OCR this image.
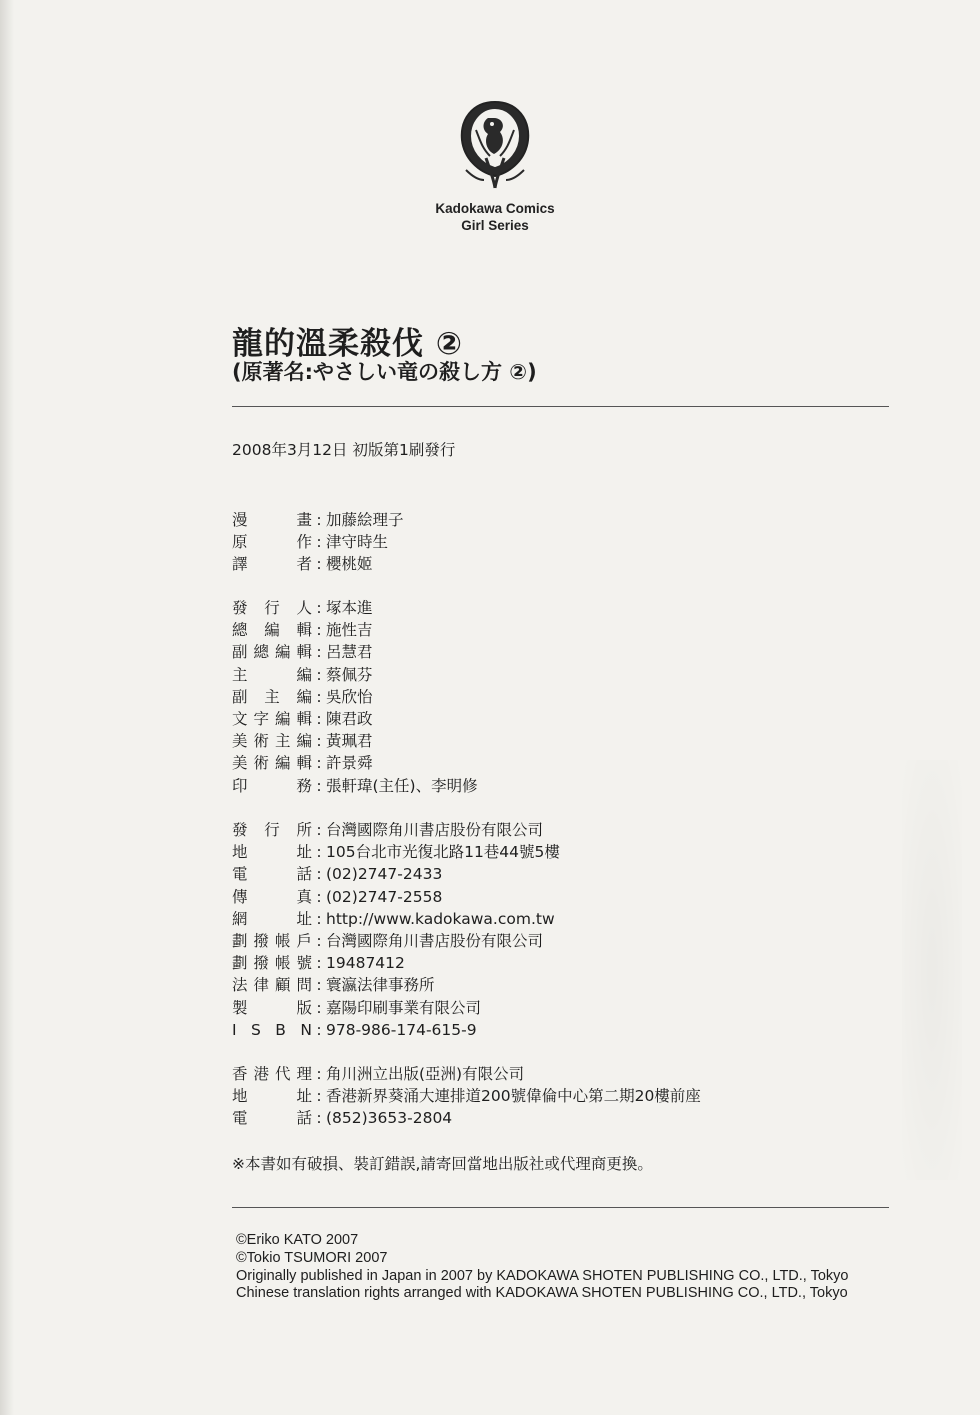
Kadokawa Comics
Girl Series
龍的溫柔殺伐 ②
(原著名:やさしい竜の殺し方 ②)
2008年3月12日 初版第1刷發行
漫	畫 : 加藤絵理子
原	作 : 津守時生
譯	者 : 櫻桃姬
發 行 人 : 塚本進
總 編 輯 : 施性吉
副 總 編 輯 : 呂慧君
主	編 : 蔡佩芬
副 主 編 : 吳欣怡
文 字 編 輯 : 陳君政
美 術 主 編 : 黃珮君
美 術 編 輯 : 許景舜
印	務 : 張軒瑋(主任)、李明修
發 行 所 : 台灣國際角川書店股份有限公司
地	址 : 105台北市光復北路11巷44號5樓
電	話 : (02)2747-2433
傳	真 : (02)2747-2558
網	址 : http://www.kadokawa.com.tw
劃 撥 帳 戶 : 台灣國際角川書店股份有限公司
劃 撥 帳 號 : 19487412
法 律 顧 問 : 寰瀛法律事務所
製	版 : 嘉陽印刷事業有限公司
I S B N : 978-986-174-615-9
香 港 代 理 : 角川洲立出版(亞洲)有限公司
地	址 : 香港新界葵涌大連排道200號偉倫中心第二期20樓前座
電	話 : (852)3653-2804
※本書如有破損、裝訂錯誤,請寄回當地出版社或代理商更換。
©Eriko KATO 2007
©Tokio TSUMORI 2007
Originally published in Japan in 2007 by KADOKAWA SHOTEN PUBLISHING CO., LTD., Tokyo
Chinese translation rights arranged with KADOKAWA SHOTEN PUBLISHING CO., LTD., Tokyo
